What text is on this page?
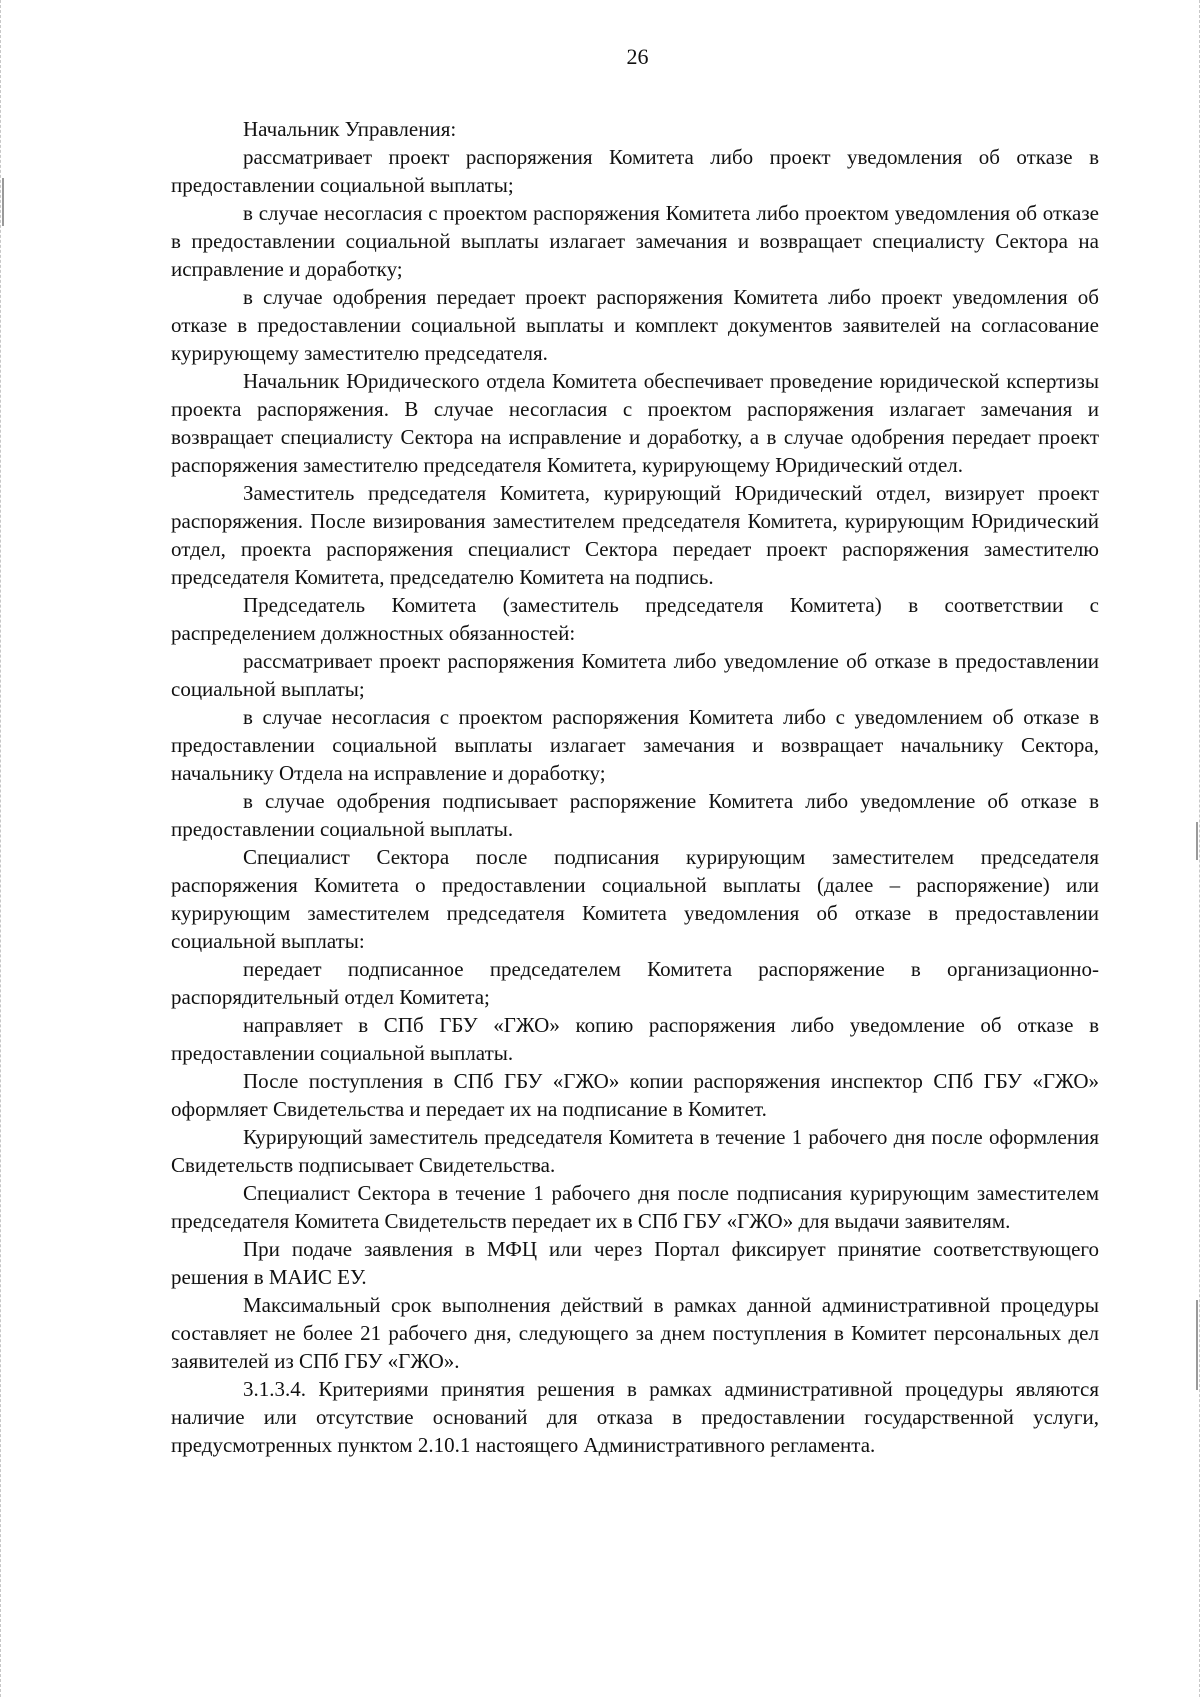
26

Начальник Управления:

рассматривает проект распоряжения Комитета либо проект уведомления об отказе в предоставлении социальной выплаты;

в случае несогласия с проектом распоряжения Комитета либо проектом уведомления об отказе в предоставлении социальной выплаты излагает замечания и возвращает специалисту Сектора на исправление и доработку;

в случае одобрения передает проект распоряжения Комитета либо проект уведомления об отказе в предоставлении социальной выплаты и комплект документов заявителей на согласование курирующему заместителю председателя.

Начальник Юридического отдела Комитета обеспечивает проведение юридической кспертизы проекта распоряжения. В случае несогласия с проектом распоряжения излагает замечания и возвращает специалисту Сектора на исправление и доработку, а в случае одобрения передает проект распоряжения заместителю председателя Комитета, курирующему Юридический отдел.

Заместитель председателя Комитета, курирующий Юридический отдел, визирует проект распоряжения. После визирования заместителем председателя Комитета, курирующим Юридический отдел, проекта распоряжения специалист Сектора передает проект распоряжения заместителю председателя Комитета, председателю Комитета на подпись.

Председатель Комитета (заместитель председателя Комитета) в соответствии с распределением должностных обязанностей:

рассматривает проект распоряжения Комитета либо уведомление об отказе в предоставлении социальной выплаты;

в случае несогласия с проектом распоряжения Комитета либо с уведомлением об отказе в предоставлении социальной выплаты излагает замечания и возвращает начальнику Сектора, начальнику Отдела на исправление и доработку;

в случае одобрения подписывает распоряжение Комитета либо уведомление об отказе в предоставлении социальной выплаты.

Специалист Сектора после подписания курирующим заместителем председателя распоряжения Комитета о предоставлении социальной выплаты (далее – распоряжение) или курирующим заместителем председателя Комитета уведомления об отказе в предоставлении социальной выплаты:

передает подписанное председателем Комитета распоряжение в организационно-распорядительный отдел Комитета;

направляет в СПб ГБУ «ГЖО» копию распоряжения либо уведомление об отказе в предоставлении социальной выплаты.

После поступления в СПб ГБУ «ГЖО» копии распоряжения инспектор СПб ГБУ «ГЖО» оформляет Свидетельства и передает их на подписание в Комитет.

Курирующий заместитель председателя Комитета в течение 1 рабочего дня после оформления Свидетельств подписывает Свидетельства.

Специалист Сектора в течение 1 рабочего дня после подписания курирующим заместителем председателя Комитета Свидетельств передает их в СПб ГБУ «ГЖО» для выдачи заявителям.

При подаче заявления в МФЦ или через Портал фиксирует принятие соответствующего решения в МАИС ЕУ.

Максимальный срок выполнения действий в рамках данной административной процедуры составляет не более 21 рабочего дня, следующего за днем поступления в Комитет персональных дел заявителей из СПб ГБУ «ГЖО».

3.1.3.4. Критериями принятия решения в рамках административной процедуры являются наличие или отсутствие оснований для отказа в предоставлении государственной услуги, предусмотренных пунктом 2.10.1 настоящего Административного регламента.
